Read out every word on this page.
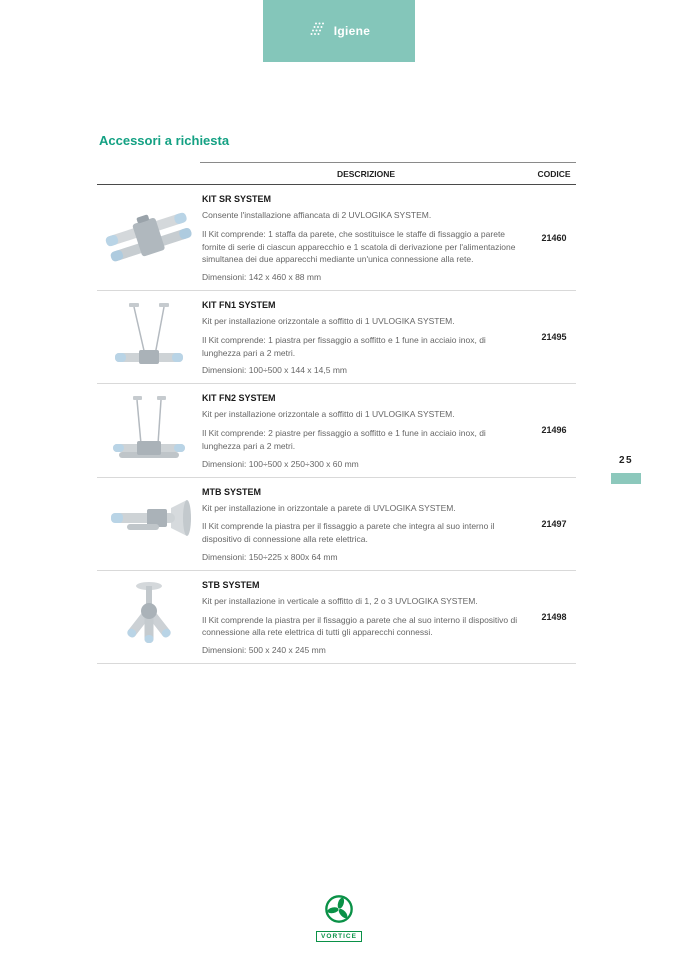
Igiene
Accessori a richiesta
DESCRIZIONE	CODICE
KIT SR SYSTEM

Consente l'installazione affiancata di 2 UVLOGIKA SYSTEM.

Il Kit comprende: 1 staffa da parete, che sostituisce le staffe di fissaggio a parete fornite di serie di ciascun apparecchio e 1 scatola di derivazione per l'alimentazione simultanea dei due apparecchi mediante un'unica connessione alla rete.

Dimensioni: 142 x 460 x 88 mm

21460
KIT FN1 SYSTEM

Kit per installazione orizzontale a soffitto di 1 UVLOGIKA SYSTEM.

Il Kit comprende: 1 piastra per fissaggio a soffitto e 1 fune in acciaio inox, di lunghezza pari a 2 metri.

Dimensioni: 100÷500 x 144 x 14,5 mm

21495
KIT FN2 SYSTEM

Kit per installazione orizzontale a soffitto di 1 UVLOGIKA SYSTEM.

Il Kit comprende: 2 piastre per fissaggio a soffitto e 1 fune in acciaio inox, di lunghezza pari a 2 metri.

Dimensioni: 100÷500 x 250÷300 x 60 mm

21496
MTB SYSTEM

Kit per installazione in orizzontale a parete di UVLOGIKA SYSTEM.

Il Kit comprende la piastra per il fissaggio a parete che integra al suo interno il dispositivo di connessione alla rete elettrica.

Dimensioni: 150÷225 x 800x 64 mm

21497
STB SYSTEM

Kit per installazione in verticale a soffitto di 1, 2 o 3 UVLOGIKA SYSTEM.

Il Kit comprende la piastra per il fissaggio a parete che al suo interno il dispositivo di connessione alla rete elettrica di tutti gli apparecchi connessi.

Dimensioni: 500 x 240 x 245 mm

21498
25
VORTICE
